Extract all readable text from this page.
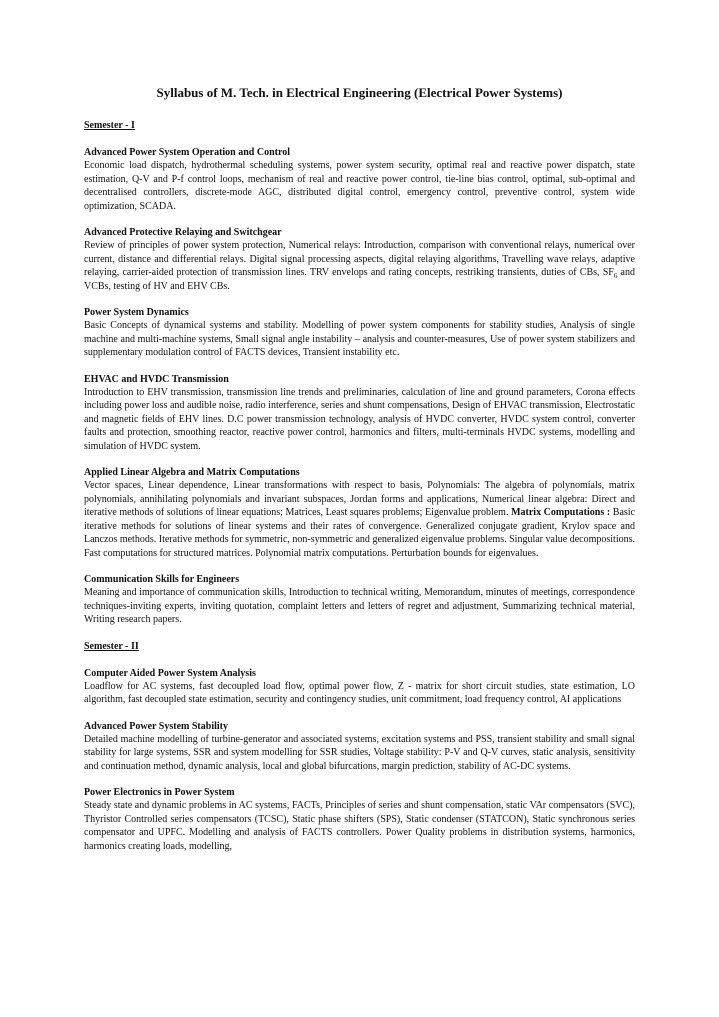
Syllabus of M. Tech. in Electrical Engineering (Electrical Power Systems)
Semester - I
Advanced Power System Operation and Control

Economic load dispatch, hydrothermal scheduling systems, power system security, optimal real and reactive power dispatch, state estimation, Q-V and P-f control loops, mechanism of real and reactive power control, tie-line bias control, optimal, sub-optimal and decentralised controllers, discrete-mode AGC, distributed digital control, emergency control, preventive control, system wide optimization, SCADA.

Advanced Protective Relaying and Switchgear

Review of principles of power system protection, Numerical relays: Introduction, comparison with conventional relays, numerical over current, distance and differential relays. Digital signal processing aspects, digital relaying algorithms, Travelling wave relays, adaptive relaying, carrier-aided protection of transmission lines. TRV envelops and rating concepts, restriking transients, duties of CBs, $SF_6$ and VCBs, testing of HV and EHV CBs.

Power System Dynamics

Basic Concepts of dynamical systems and stability. Modelling of power system components for stability studies, Analysis of single machine and multi-machine systems, Small signal angle instability – analysis and counter-measures, Use of power system stabilizers and supplementary modulation control of FACTS devices, Transient instability etc.

EHVAC and HVDC Transmission

Introduction to EHV transmission, transmission line trends and preliminaries, calculation of line and ground parameters, Corona effects including power loss and audible noise, radio interference, series and shunt compensations, Design of EHVAC transmission, Electrostatic and magnetic fields of EHV lines. D.C power transmission technology, analysis of HVDC converter, HVDC system control, converter faults and protection, smoothing reactor, reactive power control, harmonics and filters, multi-terminals HVDC systems, modelling and simulation of HVDC system.

Applied Linear Algebra and Matrix Computations

Vector spaces, Linear dependence, Linear transformations with respect to basis, Polynomials: The algebra of polynomials, matrix polynomials, annihilating polynomials and invariant subspaces, Jordan forms and applications, Numerical linear algebra: Direct and iterative methods of solutions of linear equations; Matrices, Least squares problems; Eigenvalue problem. Matrix Computations : Basic iterative methods for solutions of linear systems and their rates of convergence. Generalized conjugate gradient, Krylov space and Lanczos methods. Iterative methods for symmetric, non-symmetric and generalized eigenvalue problems. Singular value decompositions. Fast computations for structured matrices. Polynomial matrix computations. Perturbation bounds for eigenvalues.

Communication Skills for Engineers

Meaning and importance of communication skills, Introduction to technical writing, Memorandum, minutes of meetings, correspondence techniques-inviting experts, inviting quotation, complaint letters and letters of regret and adjustment, Summarizing technical material, Writing research papers.

Semester - II
Computer Aided Power System Analysis

Loadflow for AC systems, fast decoupled load flow, optimal power flow, Z - matrix for short circuit studies, state estimation, LO algorithm, fast decoupled state estimation, security and contingency studies, unit commitment, load frequency control, AI applications

Advanced Power System Stability

Detailed machine modelling of turbine-generator and associated systems, excitation systems and PSS, transient stability and small signal stability for large systems, SSR and system modelling for SSR studies, Voltage stability: P-V and Q-V curves, static analysis, sensitivity and continuation method, dynamic analysis, local and global bifurcations, margin prediction, stability of AC-DC systems.

Power Electronics in Power System

Steady state and dynamic problems in AC systems, FACTs, Principles of series and shunt compensation, static VAr compensators (SVC), Thyristor Controlled series compensators (TCSC), Static phase shifters (SPS), Static condenser (STATCON), Static synchronous series compensator and UPFC. Modelling and analysis of FACTS controllers. Power Quality problems in distribution systems, harmonics, harmonics creating loads, modelling,
